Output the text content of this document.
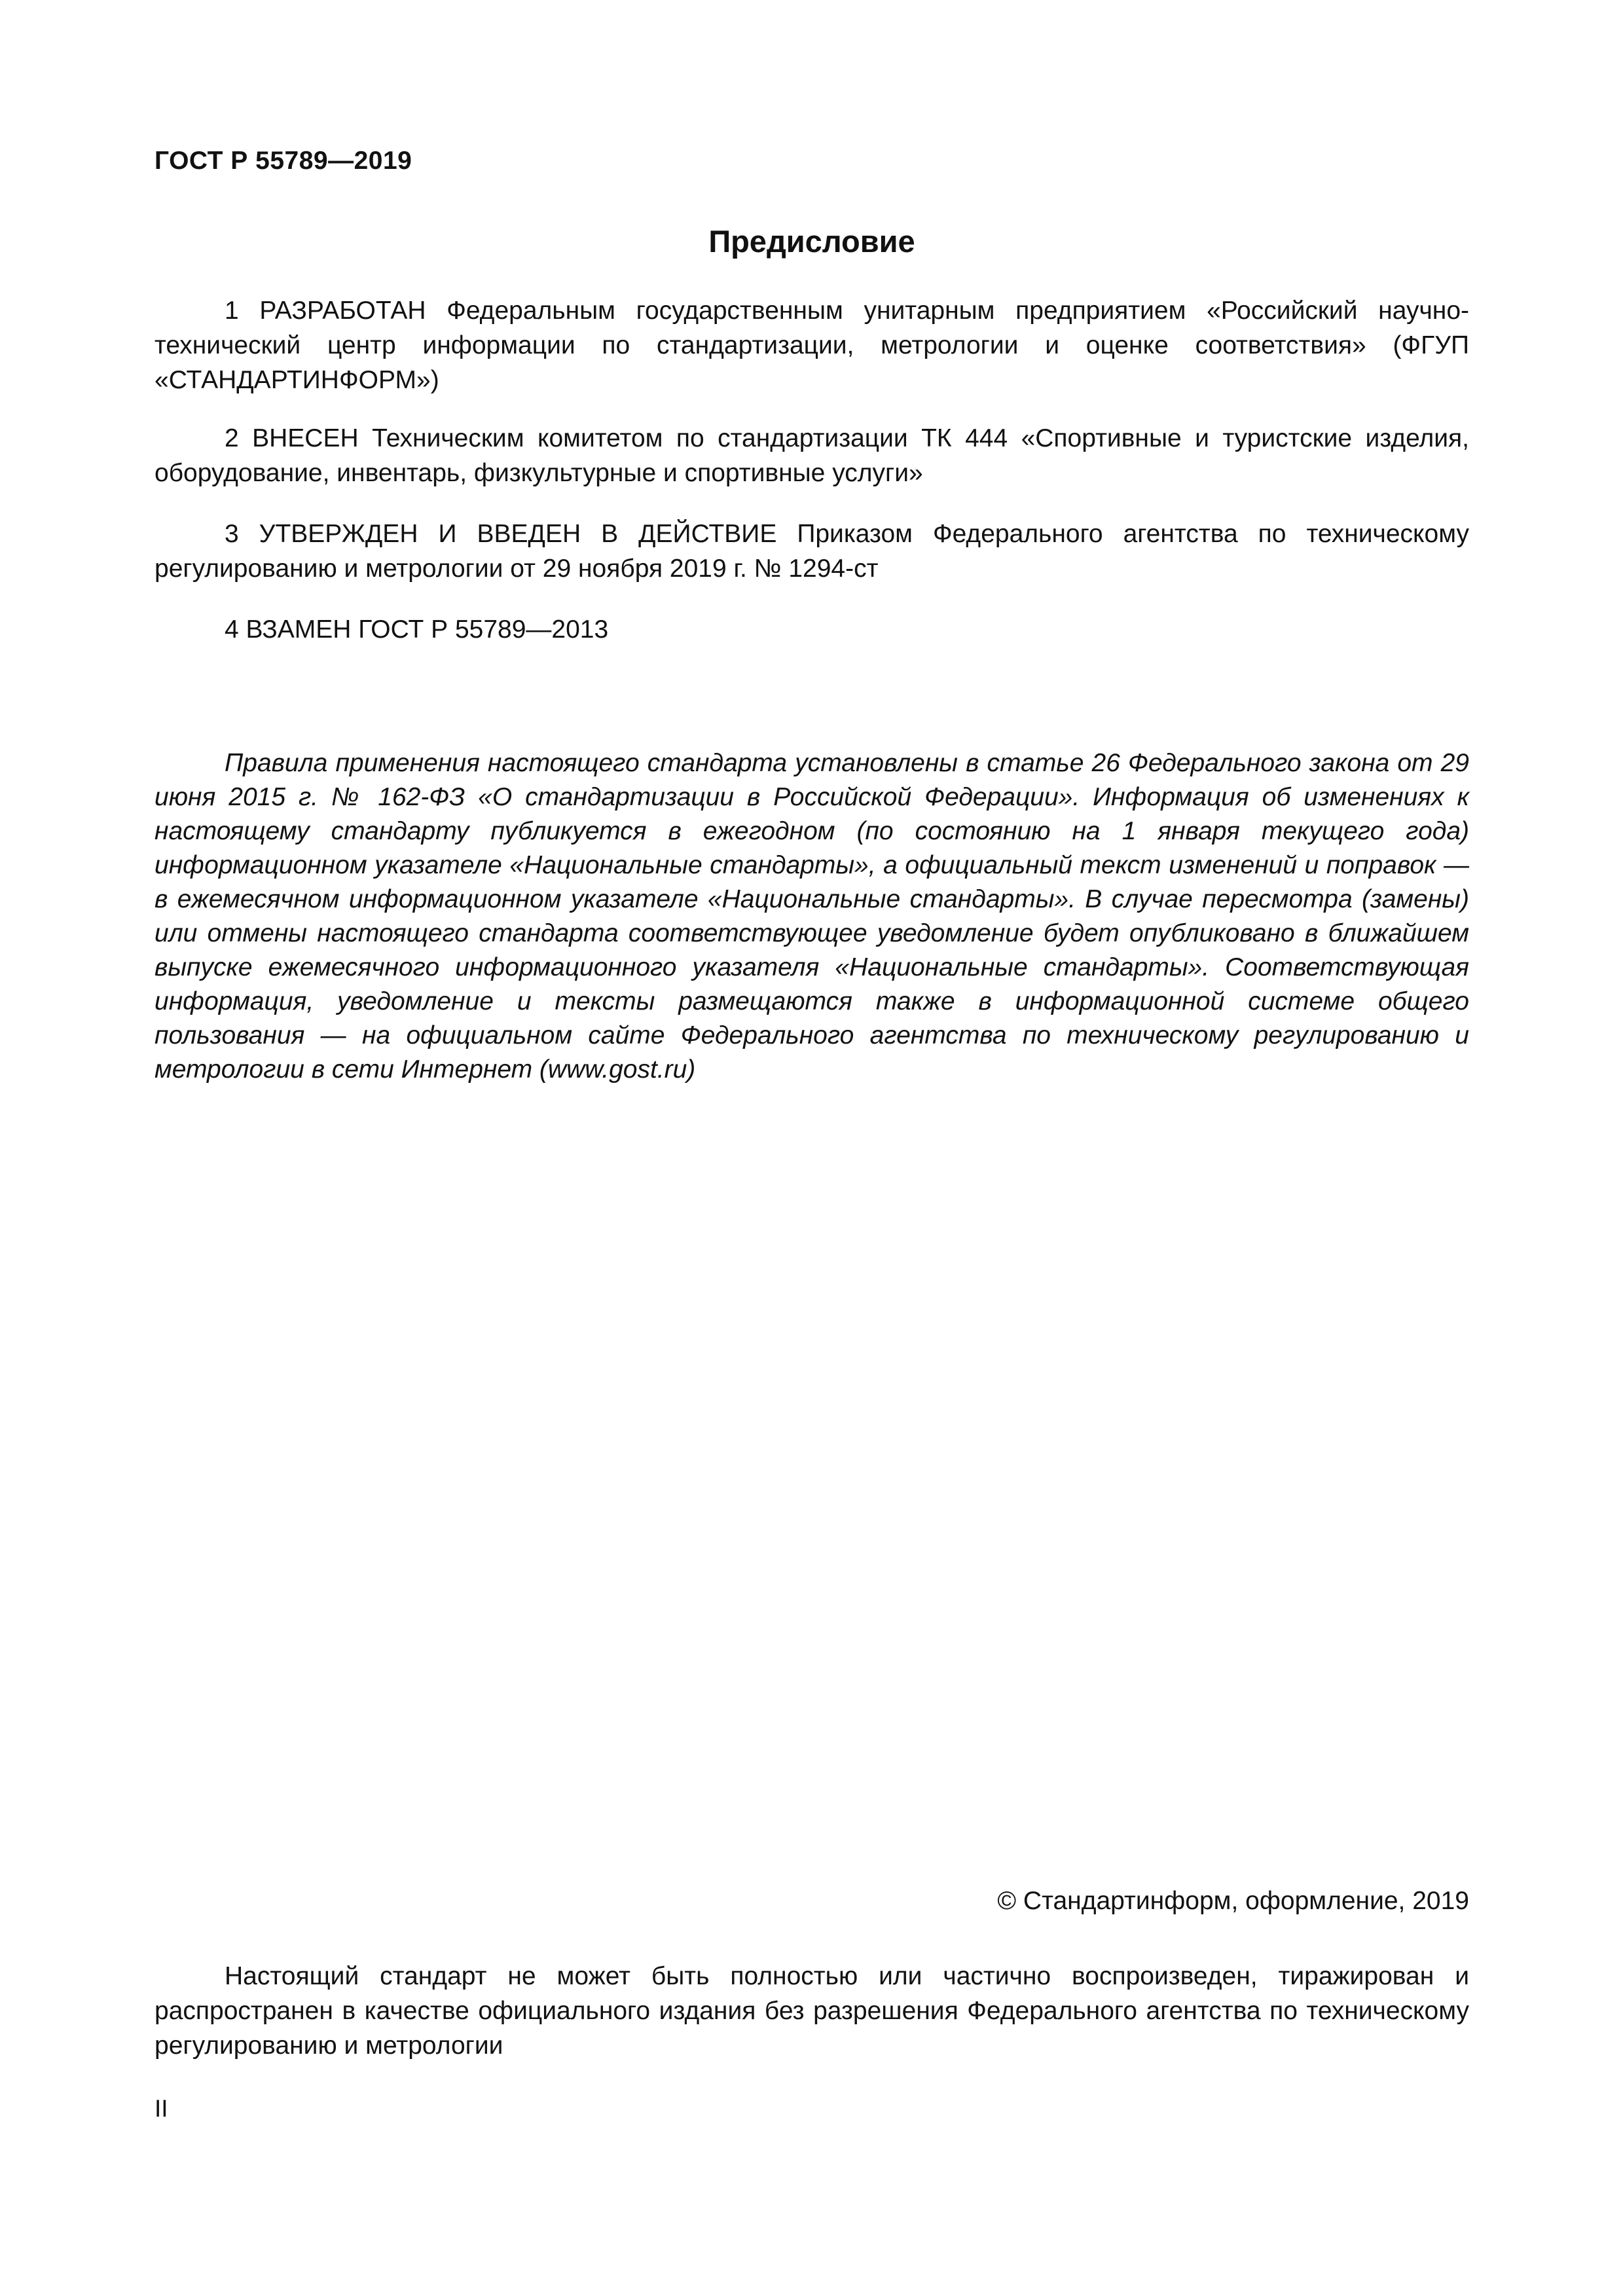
ГОСТ Р 55789—2019
Предисловие

1 РАЗРАБОТАН Федеральным государственным унитарным предприятием «Российский научно-технический центр информации по стандартизации, метрологии и оценке соответствия» (ФГУП «СТАНДАРТИНФОРМ»)

2 ВНЕСЕН Техническим комитетом по стандартизации ТК 444 «Спортивные и туристские изделия, оборудование, инвентарь, физкультурные и спортивные услуги»

3 УТВЕРЖДЕН И ВВЕДЕН В ДЕЙСТВИЕ Приказом Федерального агентства по техническому регулированию и метрологии от 29 ноября 2019 г. № 1294-ст

4 ВЗАМЕН ГОСТ Р 55789—2013

Правила применения настоящего стандарта установлены в статье 26 Федерального закона от 29 июня 2015 г. № 162-ФЗ «О стандартизации в Российской Федерации». Информация об изменениях к настоящему стандарту публикуется в ежегодном (по состоянию на 1 января текущего года) информационном указателе «Национальные стандарты», а официальный текст изменений и поправок — в ежемесячном информационном указателе «Национальные стандарты». В случае пересмотра (замены) или отмены настоящего стандарта соответствующее уведомление будет опубликовано в ближайшем выпуске ежемесячного информационного указателя «Национальные стандарты». Соответствующая информация, уведомление и тексты размещаются также в информационной системе общего пользования — на официальном сайте Федерального агентства по техническому регулированию и метрологии в сети Интернет (www.gost.ru)

© Стандартинформ, оформление, 2019

Настоящий стандарт не может быть полностью или частично воспроизведен, тиражирован и распространен в качестве официального издания без разрешения Федерального агентства по техническому регулированию и метрологии

II
